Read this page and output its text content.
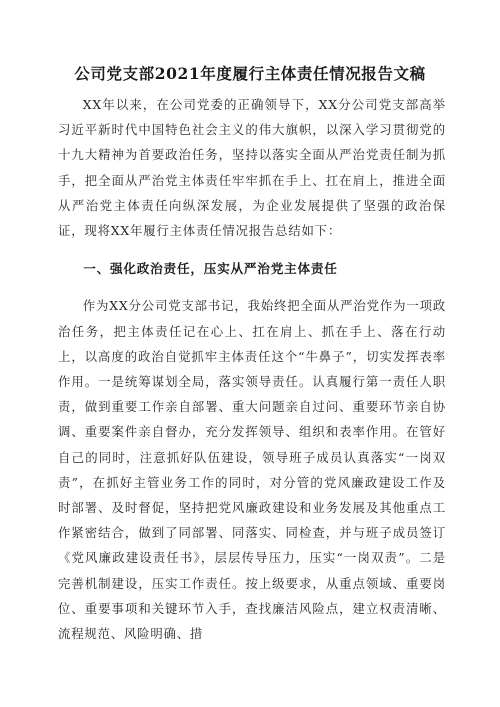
公司党支部2021年度履行主体责任情况报告文稿

XX年以来，在公司党委的正确领导下，XX分公司党支部高举习近平新时代中国特色社会主义的伟大旗帜，以深入学习贯彻党的十九大精神为首要政治任务，坚持以落实全面从严治党责任制为抓手，把全面从严治党主体责任牢牢抓在手上、扛在肩上，推进全面从严治党主体责任向纵深发展，为企业发展提供了坚强的政治保证，现将XX年履行主体责任情况报告总结如下：

一、强化政治责任，压实从严治党主体责任

作为XX分公司党支部书记，我始终把全面从严治党作为一项政治任务，把主体责任记在心上、扛在肩上、抓在手上、落在行动上，以高度的政治自觉抓牢主体责任这个“牛鼻子”，切实发挥表率作用。一是统筹谋划全局，落实领导责任。认真履行第一责任人职责，做到重要工作亲自部署、重大问题亲自过问、重要环节亲自协调、重要案件亲自督办，充分发挥领导、组织和表率作用。在管好自己的同时，注意抓好队伍建设，领导班子成员认真落实“一岗双责”，在抓好主管业务工作的同时，对分管的党风廉政建设工作及时部署、及时督促，坚持把党风廉政建设和业务发展及其他重点工作紧密结合，做到了同部署、同落实、同检查，并与班子成员签订《党风廉政建设责任书》，层层传导压力，压实“一岗双责”。二是完善机制建设，压实工作责任。按上级要求，从重点领域、重要岗位、重要事项和关键环节入手，查找廉洁风险点，建立权责清晰、流程规范、风险明确、措
